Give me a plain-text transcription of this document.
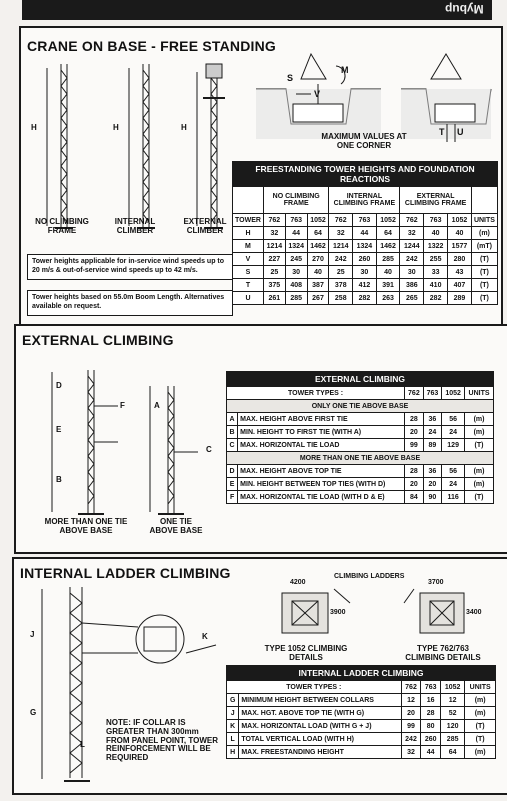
Mybup
CRANE ON BASE - FREE STANDING
H	H	H
NO CLIMBING FRAME
INTERNAL CLIMBER
EXTERNAL CLIMBER
S
M
V
T U
MAXIMUM VALUES AT ONE CORNER
Tower heights applicable for in-service wind speeds up to 20 m/s & out-of-service wind speeds up to 42 m/s.
Tower heights based on 55.0m Boom Length. Alternatives available on request.
FREESTANDING TOWER HEIGHTS AND FOUNDATION REACTIONS										
	NO CLIMBING FRAME			INTERNAL CLIMBING FRAME			EXTERNAL CLIMBING FRAME			
TOWER	762	763	1052	762	763	1052	762	763	1052	UNITS
H	32	44	64	32	44	64	32	40	40	(m)
M	1214	1324	1462	1214	1324	1462	1244	1322	1577	(mT)
V	227	245	270	242	260	285	242	255	280	(T)
S	25	30	40	25	30	40	30	33	43	(T)
T	375	408	387	378	412	391	386	410	407	(T)
U	261	285	267	258	282	263	265	282	289	(T)
EXTERNAL CLIMBING
D
F
E
B
A
C
MORE THAN ONE TIE ABOVE BASE
ONE TIE ABOVE BASE
EXTERNAL CLIMBING					
TOWER TYPES :		762	763	1052	UNITS
ONLY ONE TIE ABOVE BASE					
A	MAX. HEIGHT ABOVE FIRST TIE	28	36	56	(m)
B	MIN. HEIGHT TO FIRST TIE (WITH A)	20	24	24	(m)
C	MAX. HORIZONTAL TIE LOAD	99	89	129	(T)
MORE THAN ONE TIE ABOVE BASE					
D	MAX. HEIGHT ABOVE TOP TIE	28	36	56	(m)
E	MIN. HEIGHT BETWEEN TOP TIES (WITH D)	20	20	24	(m)
F	MAX. HORIZONTAL TIE LOAD (WITH D & E)	84	90	116	(T)
INTERNAL LADDER CLIMBING
J
G
K
L
NOTE: IF COLLAR IS GREATER THAN 300mm FROM PANEL POINT, TOWER REINFORCEMENT WILL BE REQUIRED
CLIMBING LADDERS
4200
3900
3700
3400
TYPE 1052 CLIMBING DETAILS
TYPE 762/763 CLIMBING DETAILS
INTERNAL LADDER CLIMBING					
TOWER TYPES :		762	763	1052	UNITS
G	MINIMUM HEIGHT BETWEEN COLLARS	12	16	12	(m)
J	MAX. HGT. ABOVE TOP TIE (WITH G)	20	28	52	(m)
K	MAX. HORIZONTAL LOAD (WITH G + J)	99	80	120	(T)
L	TOTAL VERTICAL LOAD (WITH H)	242	260	285	(T)
H	MAX. FREESTANDING HEIGHT	32	44	64	(m)
